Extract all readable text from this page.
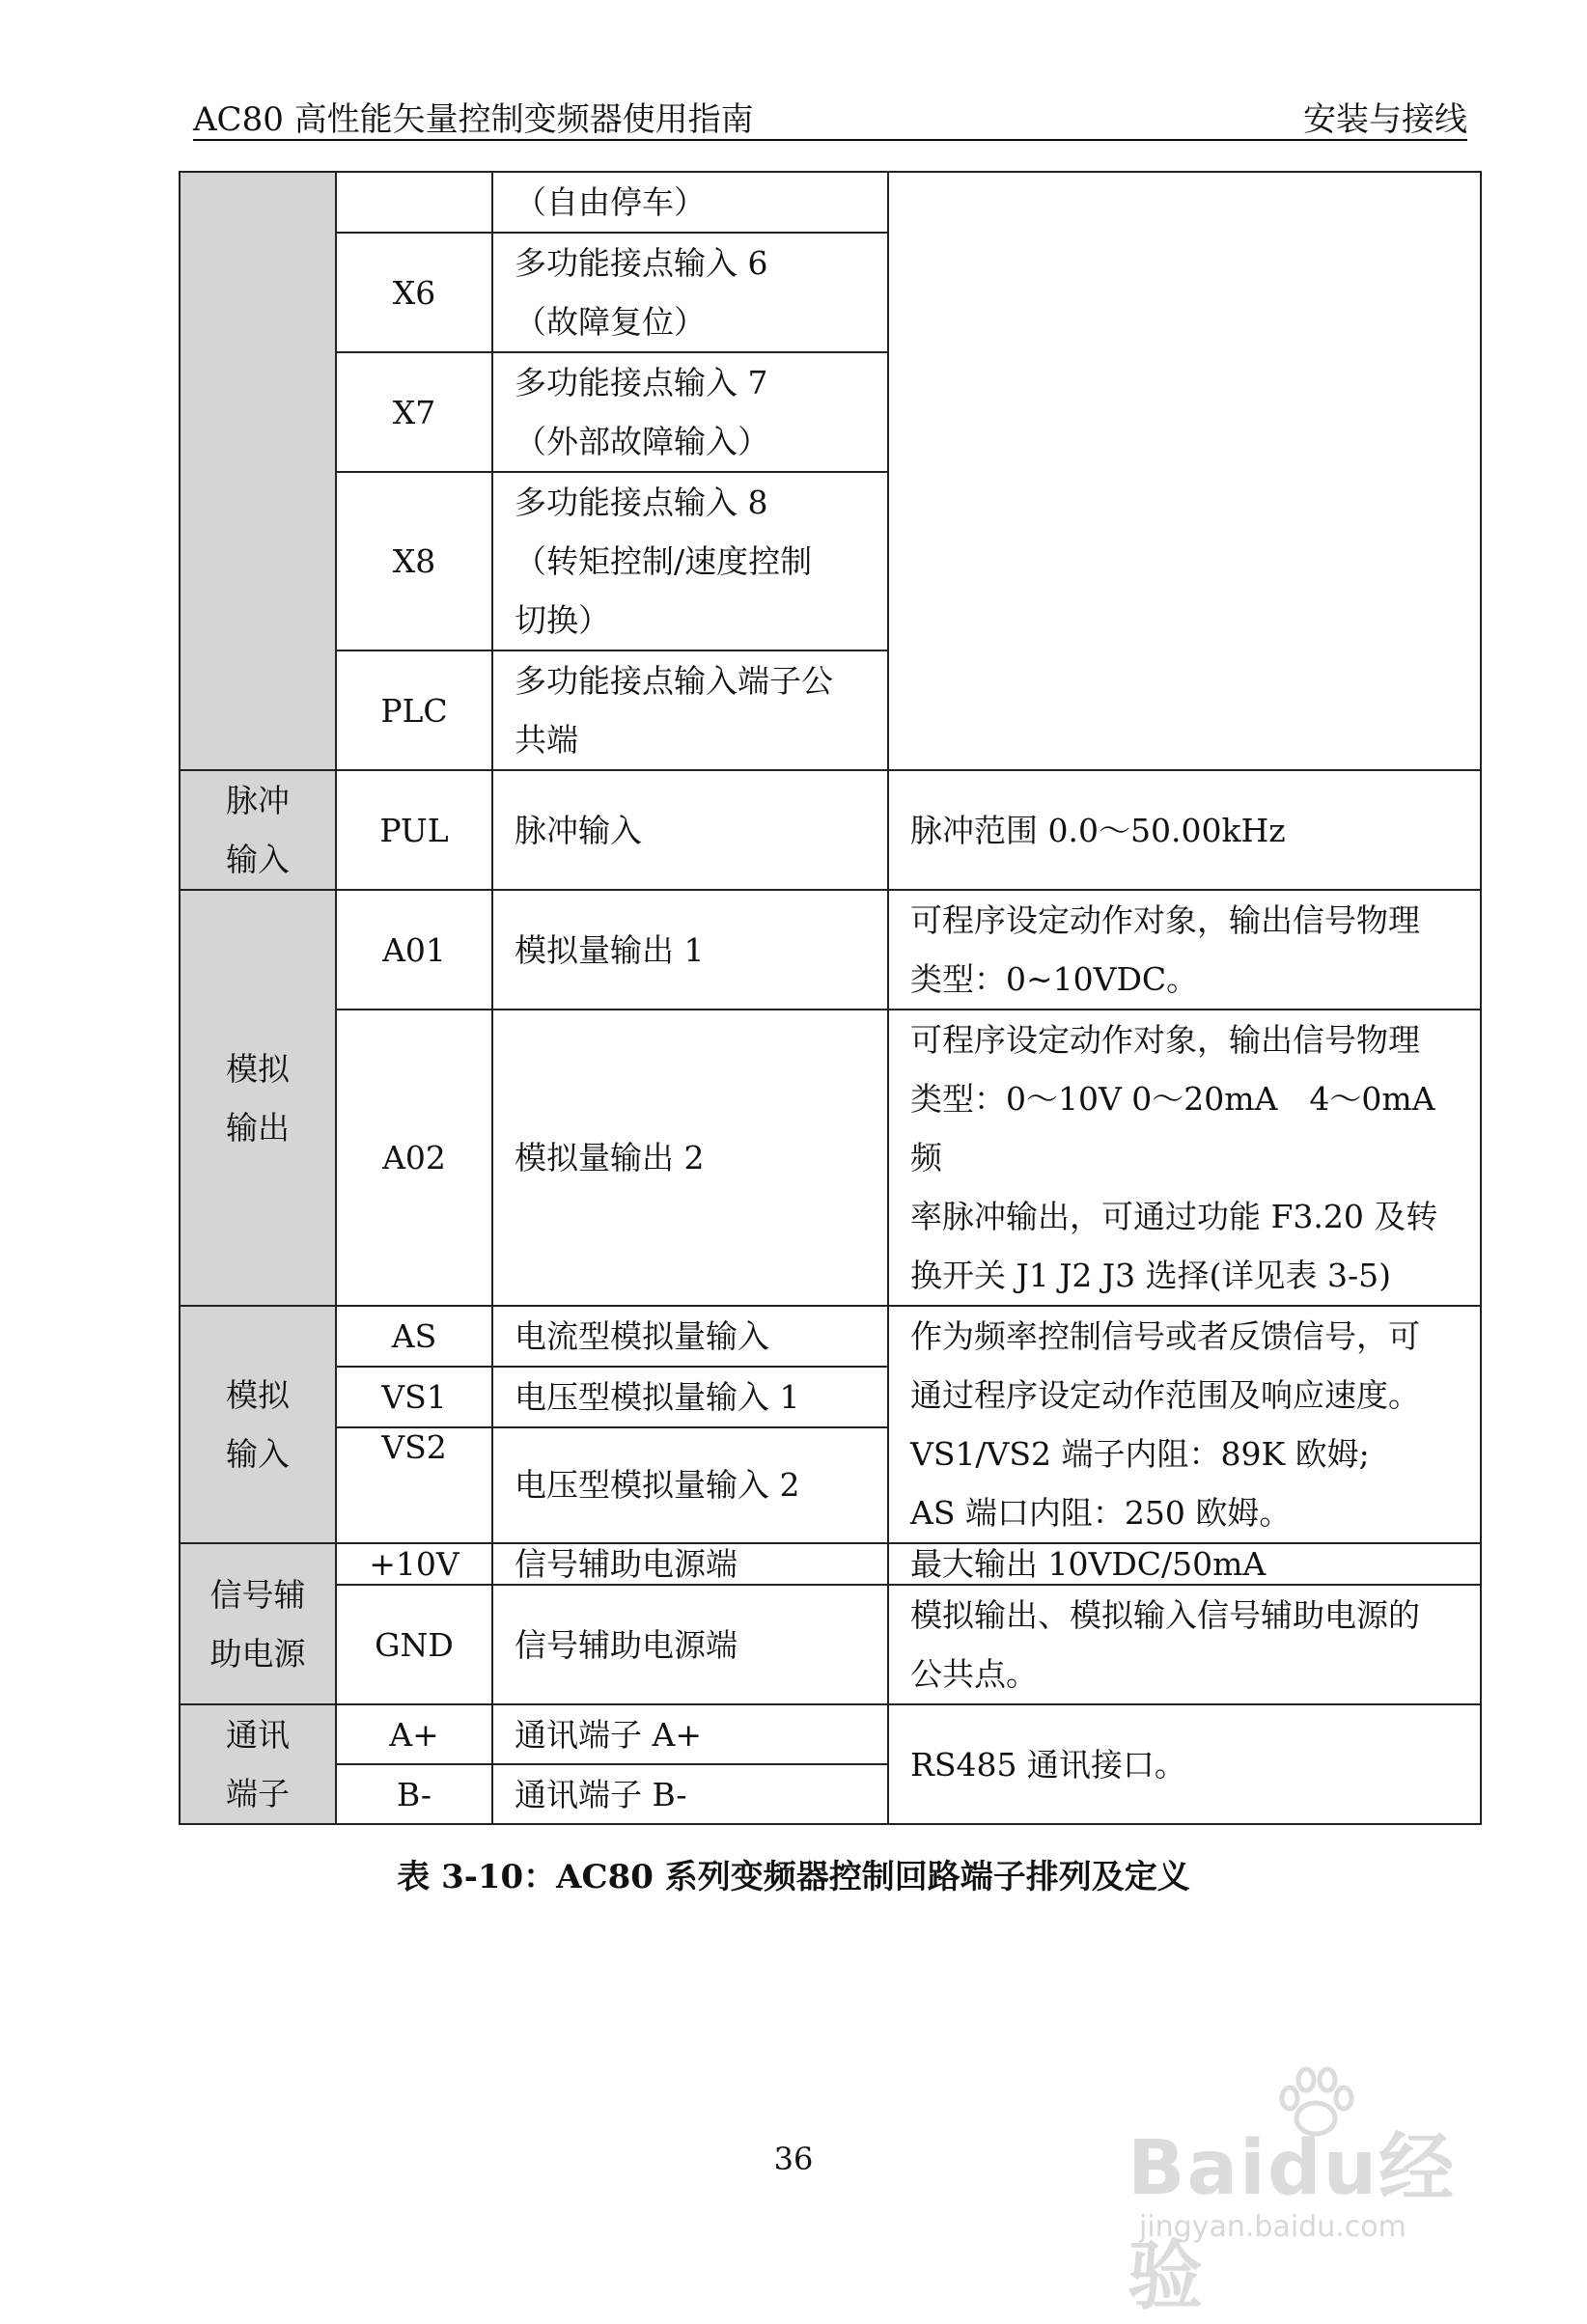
AC80 高性能矢量控制变频器使用指南	安装与接线
		（自由停车）	
	X6	多功能接点输入 6
（故障复位）	
	X7	多功能接点输入 7
（外部故障输入）	
	X8	多功能接点输入 8
（转矩控制/速度控制
切换）	
	PLC	多功能接点输入端子公
共端	
脉冲
输入	PUL	脉冲输入	脉冲范围 0.0～50.00kHz
模拟
输出	A01	模拟量输出 1	可程序设定动作对象，输出信号物理
类型：0~10VDC。
	A02	模拟量输出 2	可程序设定动作对象，输出信号物理
类型：0～10V 0～20mA　4～0mA 频
率脉冲输出，可通过功能 F3.20 及转
换开关 J1 J2 J3 选择(详见表 3-5)
模拟
输入	AS	电流型模拟量输入	作为频率控制信号或者反馈信号，可
通过程序设定动作范围及响应速度。
VS1/VS2 端子内阻：89K 欧姆;
AS 端口内阻：250 欧姆。
	VS1	电压型模拟量输入 1	
	VS2	电压型模拟量输入 2	
信号辅
助电源	+10V	信号辅助电源端	最大输出 10VDC/50mA
	GND	信号辅助电源端	模拟输出、模拟输入信号辅助电源的
公共点。
通讯
端子	A+	通讯端子 A+	RS485 通讯接口。
	B-	通讯端子 B-	
表 3-10：AC80 系列变频器控制回路端子排列及定义
36	Baidu经验
jingyan.baidu.com
